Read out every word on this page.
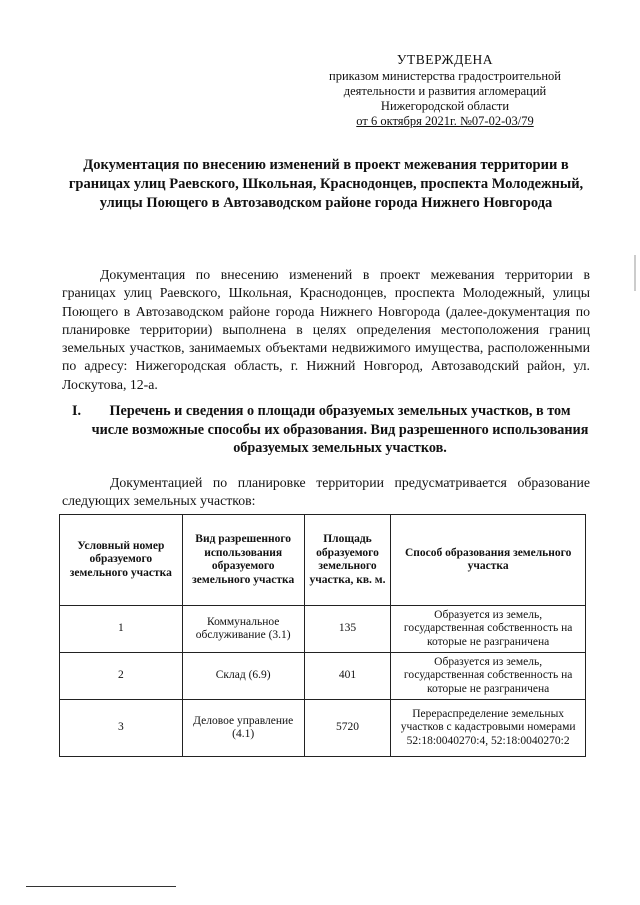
УТВЕРЖДЕНА
приказом министерства градостроительной
деятельности и развития агломераций
Нижегородской области
от 6 октября 2021г. №07-02-03/79
Документация по внесению изменений в проект межевания территории в границах улиц Раевского, Школьная, Краснодонцев, проспекта Молодежный, улицы Поющего в Автозаводском районе города Нижнего Новгорода
Документация по внесению изменений в проект межевания территории в границах улиц Раевского, Школьная, Краснодонцев, проспекта Молодежный, улицы Поющего в Автозаводском районе города Нижнего Новгорода (далее-документация по планировке территории) выполнена в целях определения местоположения границ земельных участков, занимаемых объектами недвижимого имущества, расположенными по адресу: Нижегородская область, г. Нижний Новгород, Автозаводский район, ул. Лоскутова, 12-а.
I.	Перечень и сведения о площади образуемых земельных участков, в том числе возможные способы их образования. Вид разрешенного использования образуемых земельных участков.
Документацией по планировке территории предусматривается образование следующих земельных участков:
Условный номер образуемого земельного участка	Вид разрешенного использования образуемого земельного участка	Площадь образуемого земельного участка, кв. м.	Способ образования земельного участка
1	Коммунальное обслуживание (3.1)	135	Образуется из земель, государственная собственность на которые не разграничена
2	Склад (6.9)	401	Образуется из земель, государственная собственность на которые не разграничена
3	Деловое управление (4.1)	5720	Перераспределение земельных участков с кадастровыми номерами 52:18:0040270:4, 52:18:0040270:2
